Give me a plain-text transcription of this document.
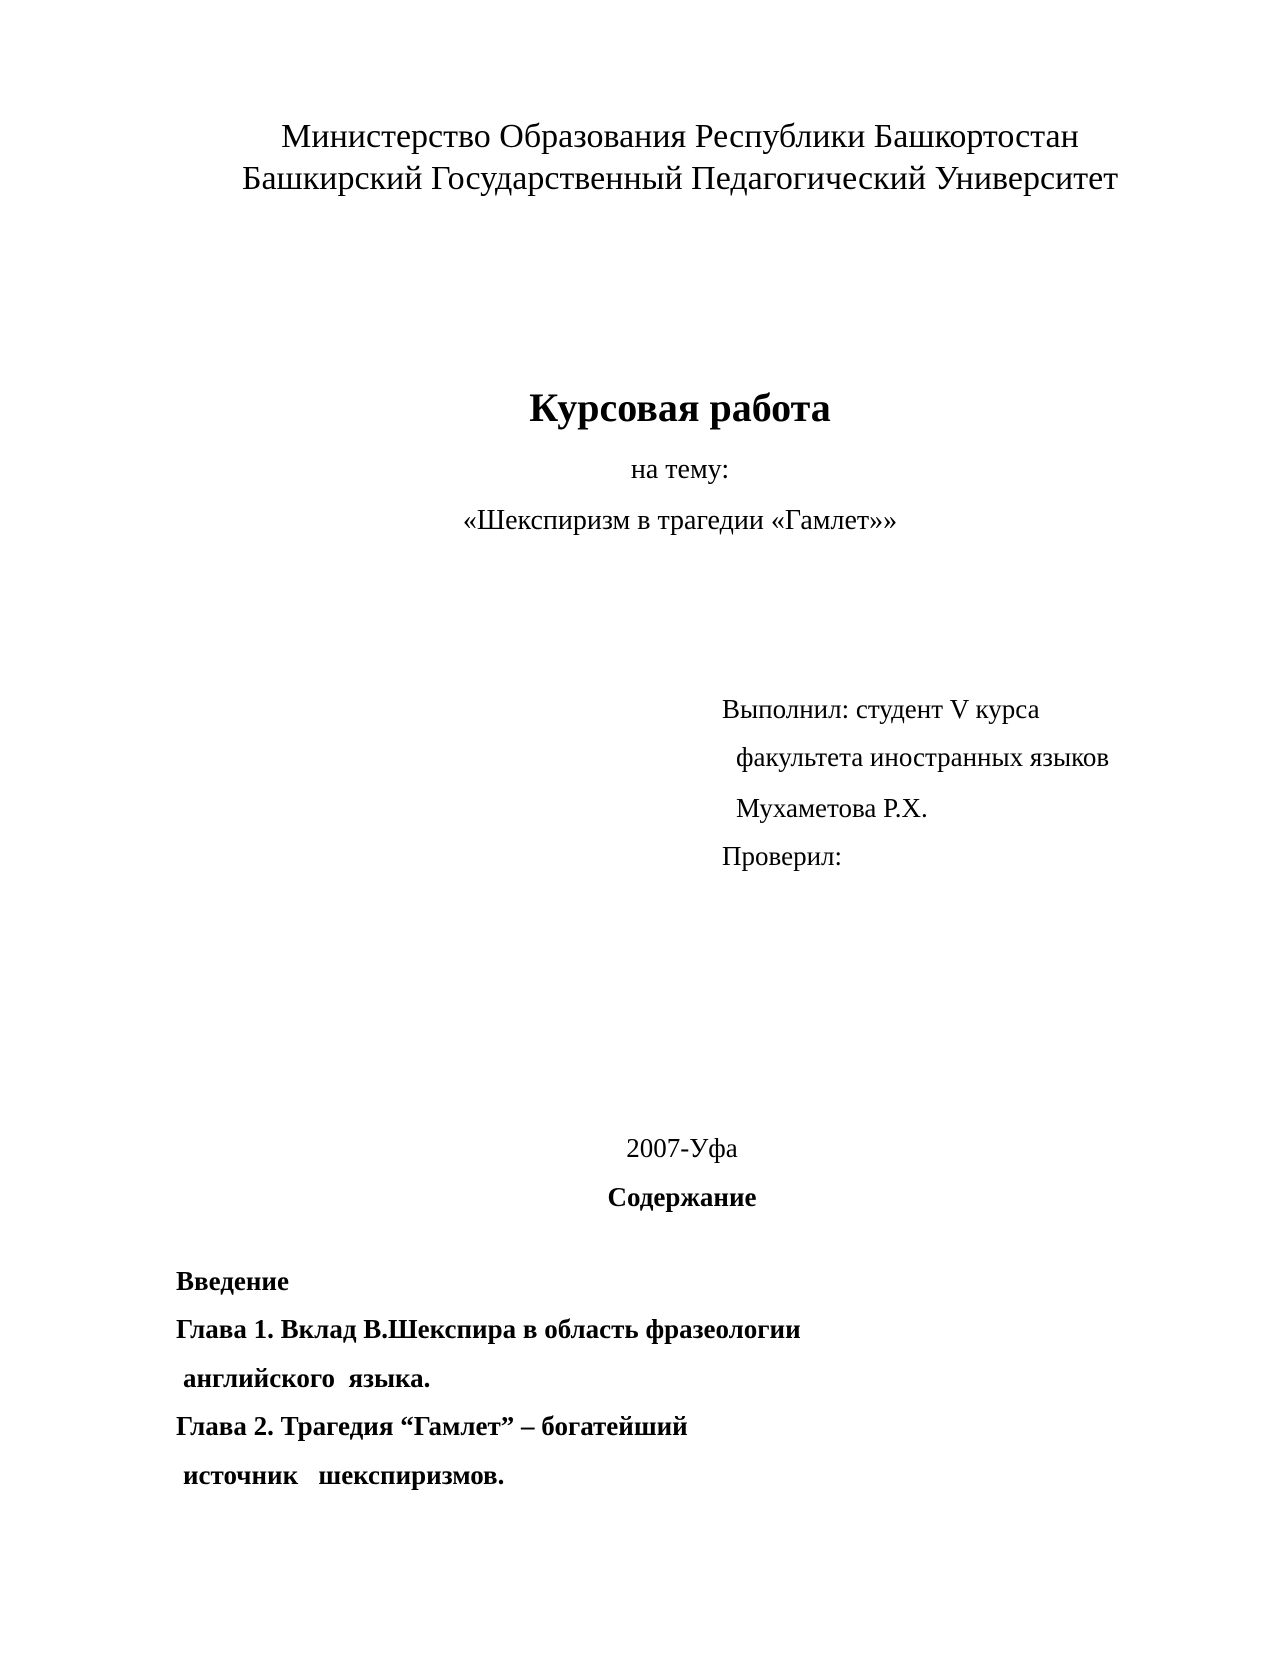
Министерство Образования Республики Башкортостан
Башкирский Государственный Педагогический Университет
Курсовая работа
на тему:
«Шекспиризм в трагедии «Гамлет»»
Выполнил: студент V курса
факультета иностранных языков
Мухаметова Р.Х.
Проверил:
2007-Уфа
Содержание
Введение
Глава 1. Вклад В.Шекспира в область фразеологии
английского  языка.
Глава 2. Трагедия “Гамлет” – богатейший
источник   шекспиризмов.
